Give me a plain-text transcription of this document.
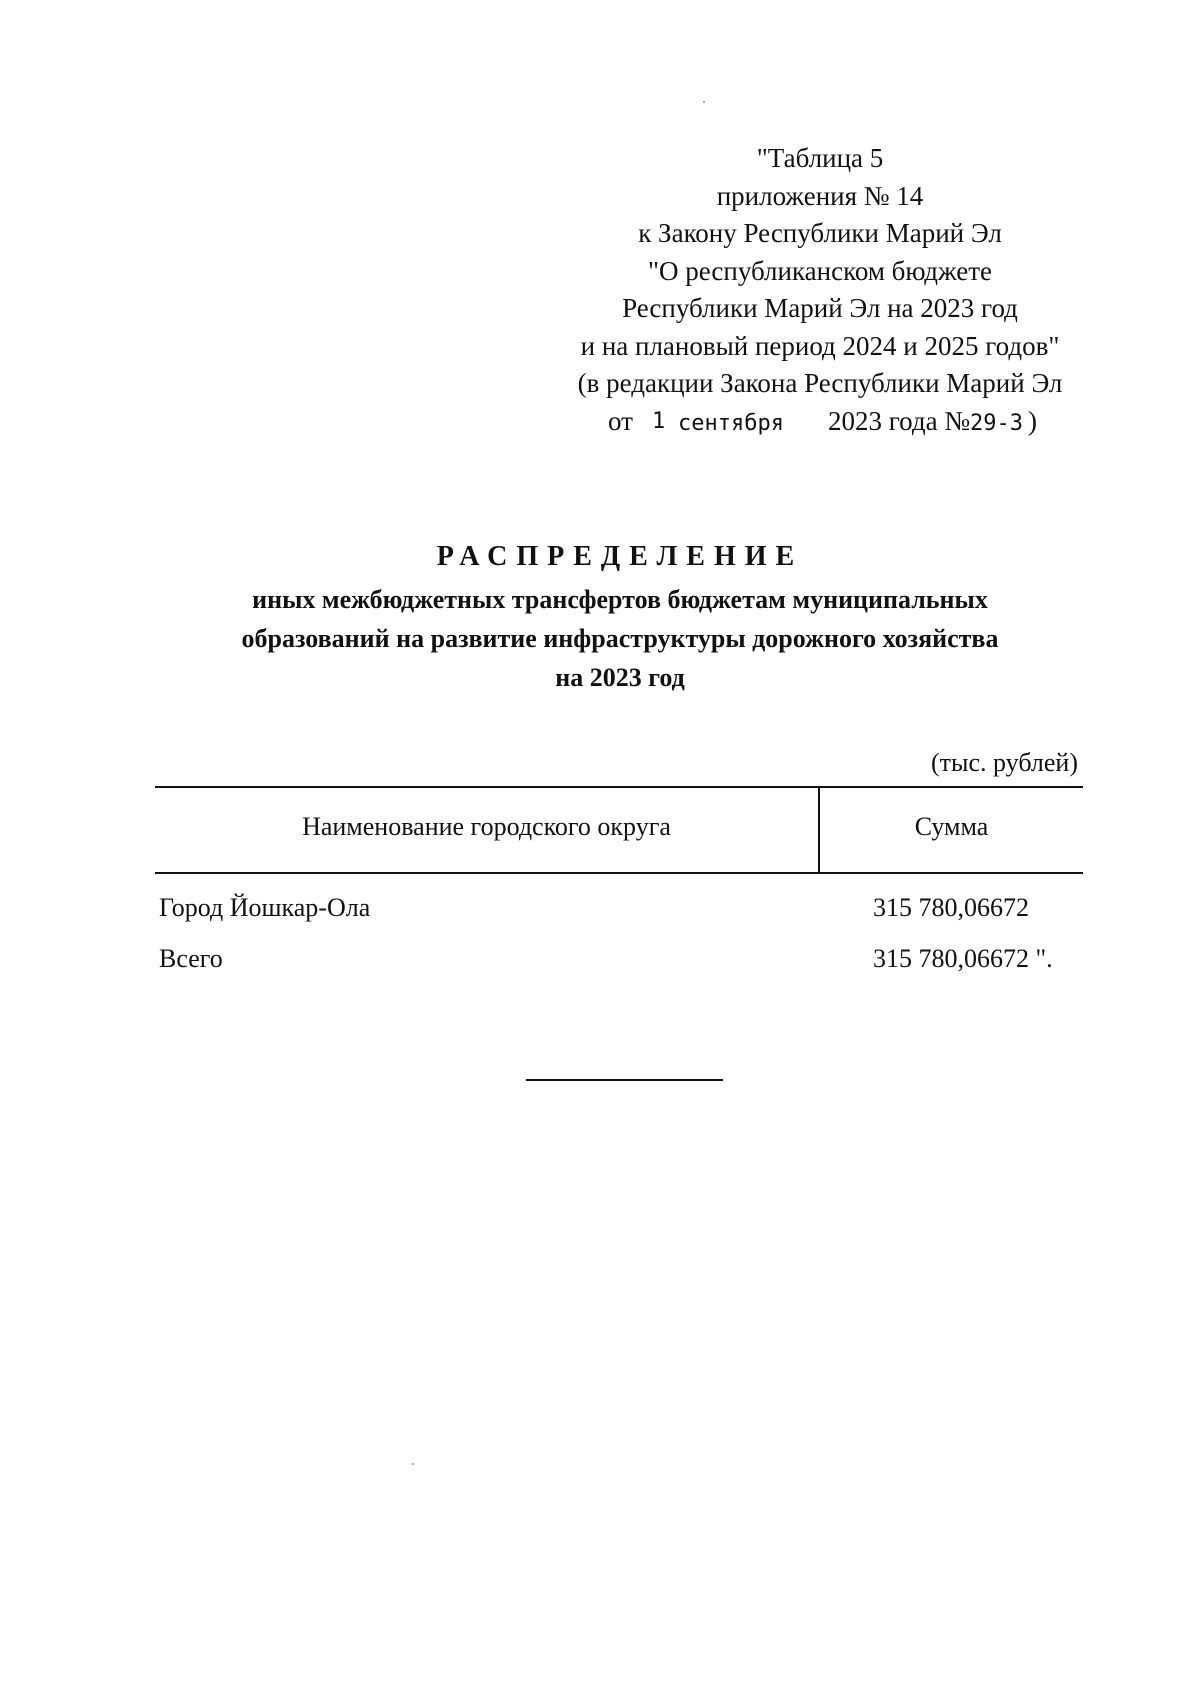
"Таблица 5
приложения № 14
к Закону Республики Марий Эл
"О республиканском бюджете
Республики Марий Эл на 2023 год
и на плановый период 2024 и 2025 годов"
(в редакции Закона Республики Марий Эл
от 1 сентября 2023 года № 29-З )
РАСПРЕДЕЛЕНИЕ
иных межбюджетных трансфертов бюджетам муниципальных
образований на развитие инфраструктуры дорожного хозяйства
на 2023 год
(тыс. рублей)
Наименование городского округа	Сумма
Город Йошкар-Ола	315 780,06672
Всего	315 780,06672 ".
